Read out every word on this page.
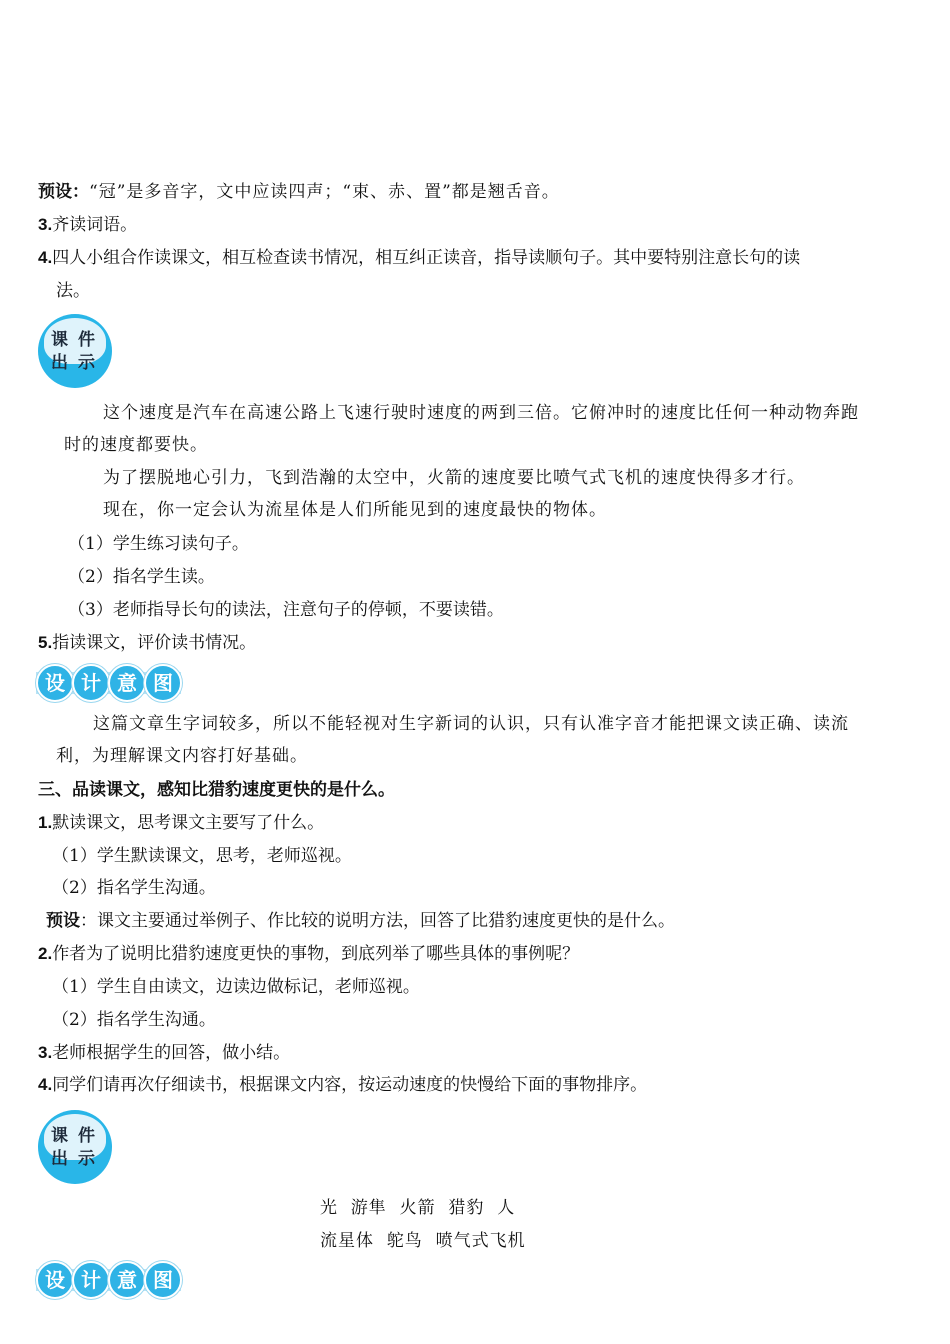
预设：“冠”是多音字，文中应读四声；“束、赤、置”都是翘舌音。
3.齐读词语。
4.四人小组合作读课文，相互检查读书情况，相互纠正读音，指导读顺句子。其中要特别注意长句的读
法。
课 件
出 示
这个速度是汽车在高速公路上飞速行驶时速度的两到三倍。它俯冲时的速度比任何一种动物奔跑
时的速度都要快。
为了摆脱地心引力，飞到浩瀚的太空中，火箭的速度要比喷气式飞机的速度快得多才行。
现在，你一定会认为流星体是人们所能见到的速度最快的物体。
（1）学生练习读句子。
（2）指名学生读。
（3）老师指导长句的读法，注意句子的停顿，不要读错。
5.指读课文，评价读书情况。
设 计 意 图
这篇文章生字词较多，所以不能轻视对生字新词的认识，只有认准字音才能把课文读正确、读流
利，为理解课文内容打好基础。
三、品读课文，感知比猎豹速度更快的是什么。
1.默读课文，思考课文主要写了什么。
（1）学生默读课文，思考，老师巡视。
（2）指名学生沟通。
预设：课文主要通过举例子、作比较的说明方法，回答了比猎豹速度更快的是什么。
2.作者为了说明比猎豹速度更快的事物，到底列举了哪些具体的事例呢？
（1）学生自由读文，边读边做标记，老师巡视。
（2）指名学生沟通。
3.老师根据学生的回答，做小结。
4.同学们请再次仔细读书，根据课文内容，按运动速度的快慢给下面的事物排序。
课 件
出 示
光  游隼  火箭  猎豹  人
流星体  鸵鸟  喷气式飞机
设 计 意 图
